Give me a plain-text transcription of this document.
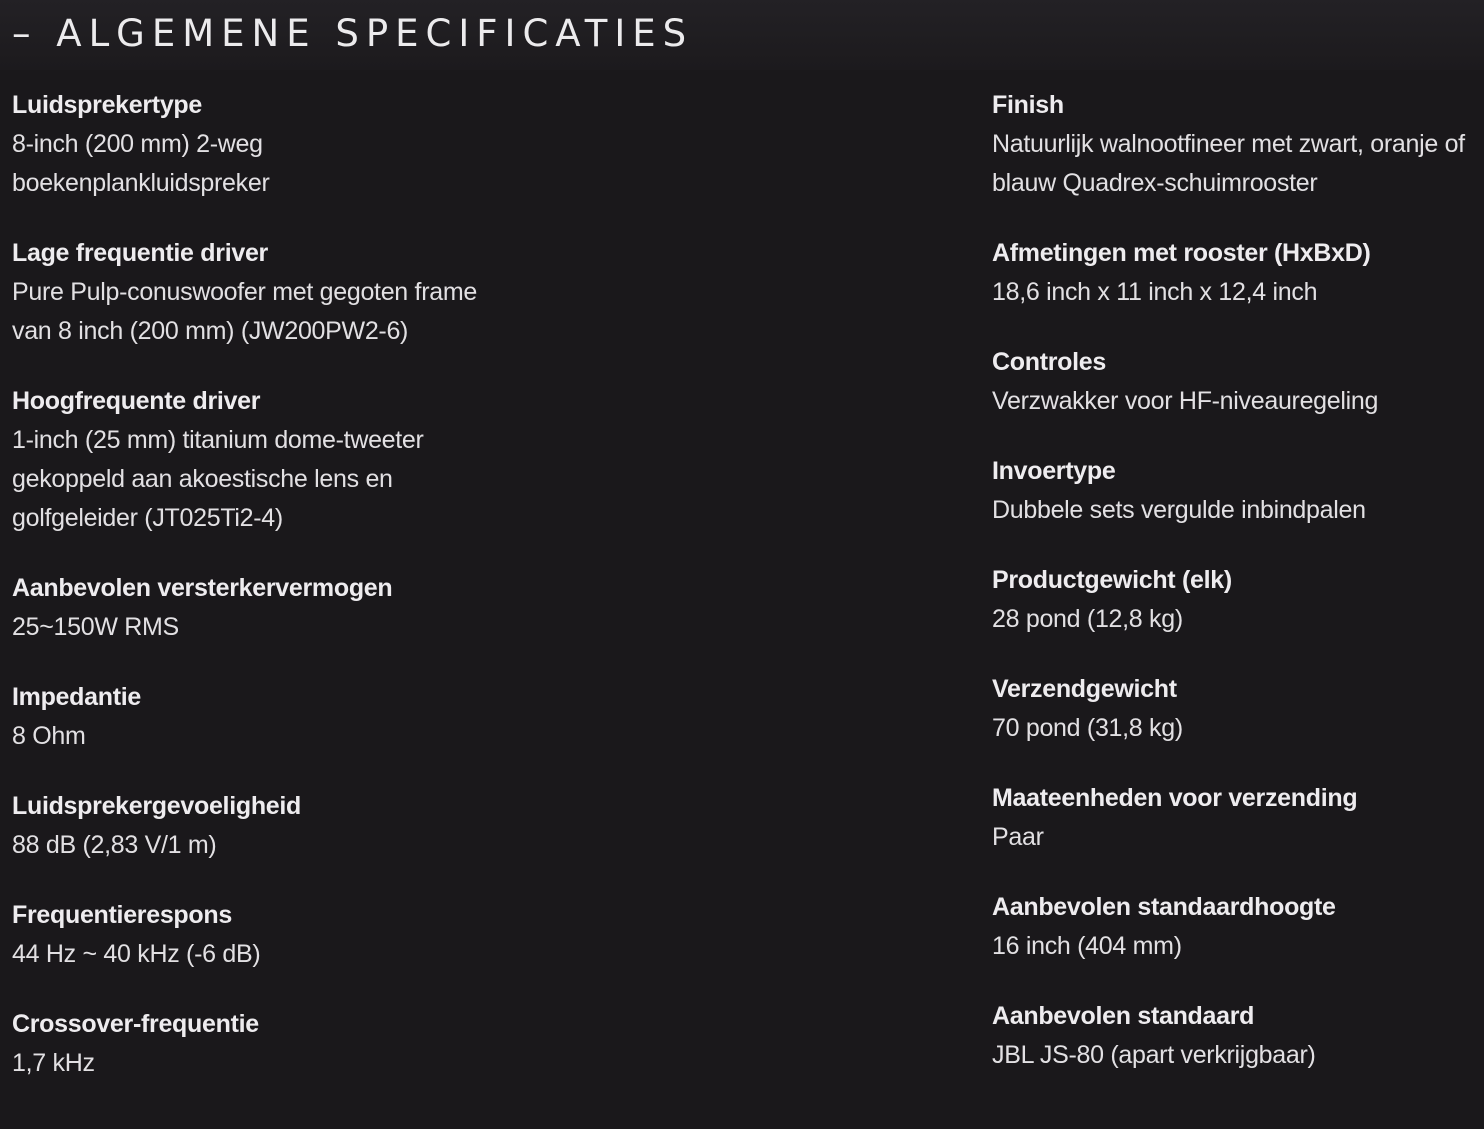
– ALGEMENE SPECIFICATIES
Luidsprekertype
8-inch (200 mm) 2-weg boekenplankluidspreker
Lage frequentie driver
Pure Pulp-conuswoofer met gegoten frame van 8 inch (200 mm) (JW200PW2-6)
Hoogfrequente driver
1-inch (25 mm) titanium dome-tweeter gekoppeld aan akoestische lens en golfgeleider (JT025Ti2-4)
Aanbevolen versterkervermogen
25~150W RMS
Impedantie
8 Ohm
Luidsprekergevoeligheid
88 dB (2,83 V/1 m)
Frequentierespons
44 Hz ~ 40 kHz (-6 dB)
Crossover-frequentie
1,7 kHz
Finish
Natuurlijk walnootfineer met zwart, oranje of blauw Quadrex-schuimrooster
Afmetingen met rooster (HxBxD)
18,6 inch x 11 inch x 12,4 inch
Controles
Verzwakker voor HF-niveauregeling
Invoertype
Dubbele sets vergulde inbindpalen
Productgewicht (elk)
28 pond (12,8 kg)
Verzendgewicht
70 pond (31,8 kg)
Maateenheden voor verzending
Paar
Aanbevolen standaardhoogte
16 inch (404 mm)
Aanbevolen standaard
JBL JS-80 (apart verkrijgbaar)
